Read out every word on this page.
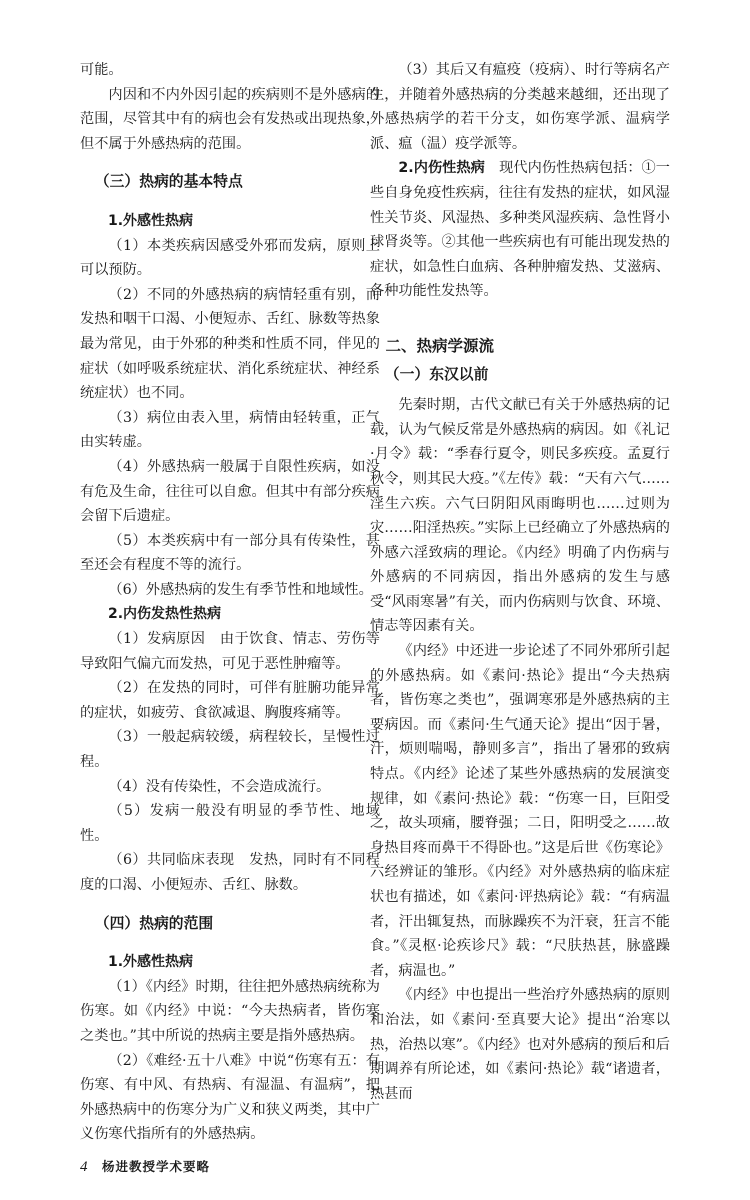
可能。

内因和不内外因引起的疾病则不是外感病的范围，尽管其中有的病也会有发热或出现热象，但不属于外感热病的范围。

（三）热病的基本特点
1.外感性热病

（1）本类疾病因感受外邪而发病，原则上可以预防。

（2）不同的外感热病的病情轻重有别，而发热和咽干口渴、小便短赤、舌红、脉数等热象最为常见，由于外邪的种类和性质不同，伴见的症状（如呼吸系统症状、消化系统症状、神经系统症状）也不同。

（3）病位由表入里，病情由轻转重，正气由实转虚。

（4）外感热病一般属于自限性疾病，如没有危及生命，往往可以自愈。但其中有部分疾病会留下后遗症。

（5）本类疾病中有一部分具有传染性，甚至还会有程度不等的流行。

（6）外感热病的发生有季节性和地域性。

2.内伤发热性热病

（1）发病原因　由于饮食、情志、劳伤等导致阳气偏亢而发热，可见于恶性肿瘤等。

（2）在发热的同时，可伴有脏腑功能异常的症状，如疲劳、食欲减退、胸腹疼痛等。

（3）一般起病较缓，病程较长，呈慢性过程。

（4）没有传染性，不会造成流行。

（5）发病一般没有明显的季节性、地域性。

（6）共同临床表现　发热，同时有不同程度的口渴、小便短赤、舌红、脉数。

（四）热病的范围
1.外感性热病

（1）《内经》时期，往往把外感热病统称为伤寒。如《内经》中说：“今夫热病者，皆伤寒之类也。”其中所说的热病主要是指外感热病。

（2）《难经·五十八难》中说“伤寒有五：有伤寒、有中风、有热病、有湿温、有温病”，把外感热病中的伤寒分为广义和狭义两类，其中广义伤寒代指所有的外感热病。

（3）其后又有瘟疫（疫病）、时行等病名产生，并随着外感热病的分类越来越细，还出现了外感热病学的若干分支，如伤寒学派、温病学派、瘟（温）疫学派等。

2.内伤性热病　 现代内伤性热病包括：①一些自身免疫性疾病，往往有发热的症状，如风湿性关节炎、风湿热、多种类风湿疾病、急性肾小球肾炎等。②其他一些疾病也有可能出现发热的症状，如急性白血病、各种肿瘤发热、艾滋病、各种功能性发热等。

二、热病学源流
（一）东汉以前

先秦时期，古代文献已有关于外感热病的记载，认为气候反常是外感热病的病因。如《礼记·月令》载：“季春行夏令，则民多疾疫。孟夏行秋令，则其民大疫。”《左传》载：“天有六气……淫生六疾。六气曰阴阳风雨晦明也……过则为灾……阳淫热疾。”实际上已经确立了外感热病的外感六淫致病的理论。《内经》明确了内伤病与外感病的不同病因，指出外感病的发生与感受“风雨寒暑”有关，而内伤病则与饮食、环境、情志等因素有关。

《内经》中还进一步论述了不同外邪所引起的外感热病。如《素问·热论》提出“今夫热病者，皆伤寒之类也”，强调寒邪是外感热病的主要病因。而《素问·生气通天论》提出“因于暑，汗，烦则喘喝，静则多言”，指出了暑邪的致病特点。《内经》论述了某些外感热病的发展演变规律，如《素问·热论》载：“伤寒一日，巨阳受之，故头项痛，腰脊强；二日，阳明受之……故身热目疼而鼻干不得卧也。”这是后世《伤寒论》六经辨证的雏形。《内经》对外感热病的临床症状也有描述，如《素问·评热病论》载：“有病温者，汗出辄复热，而脉躁疾不为汗衰，狂言不能食。”《灵枢·论疾诊尺》载：“尺肤热甚，脉盛躁者，病温也。”

《内经》中也提出一些治疗外感热病的原则和治法，如《素问·至真要大论》提出“治寒以热，治热以寒”。《内经》也对外感病的预后和后期调养有所论述，如《素问·热论》载“诸遗者，热甚而

4 杨进教授学术要略
